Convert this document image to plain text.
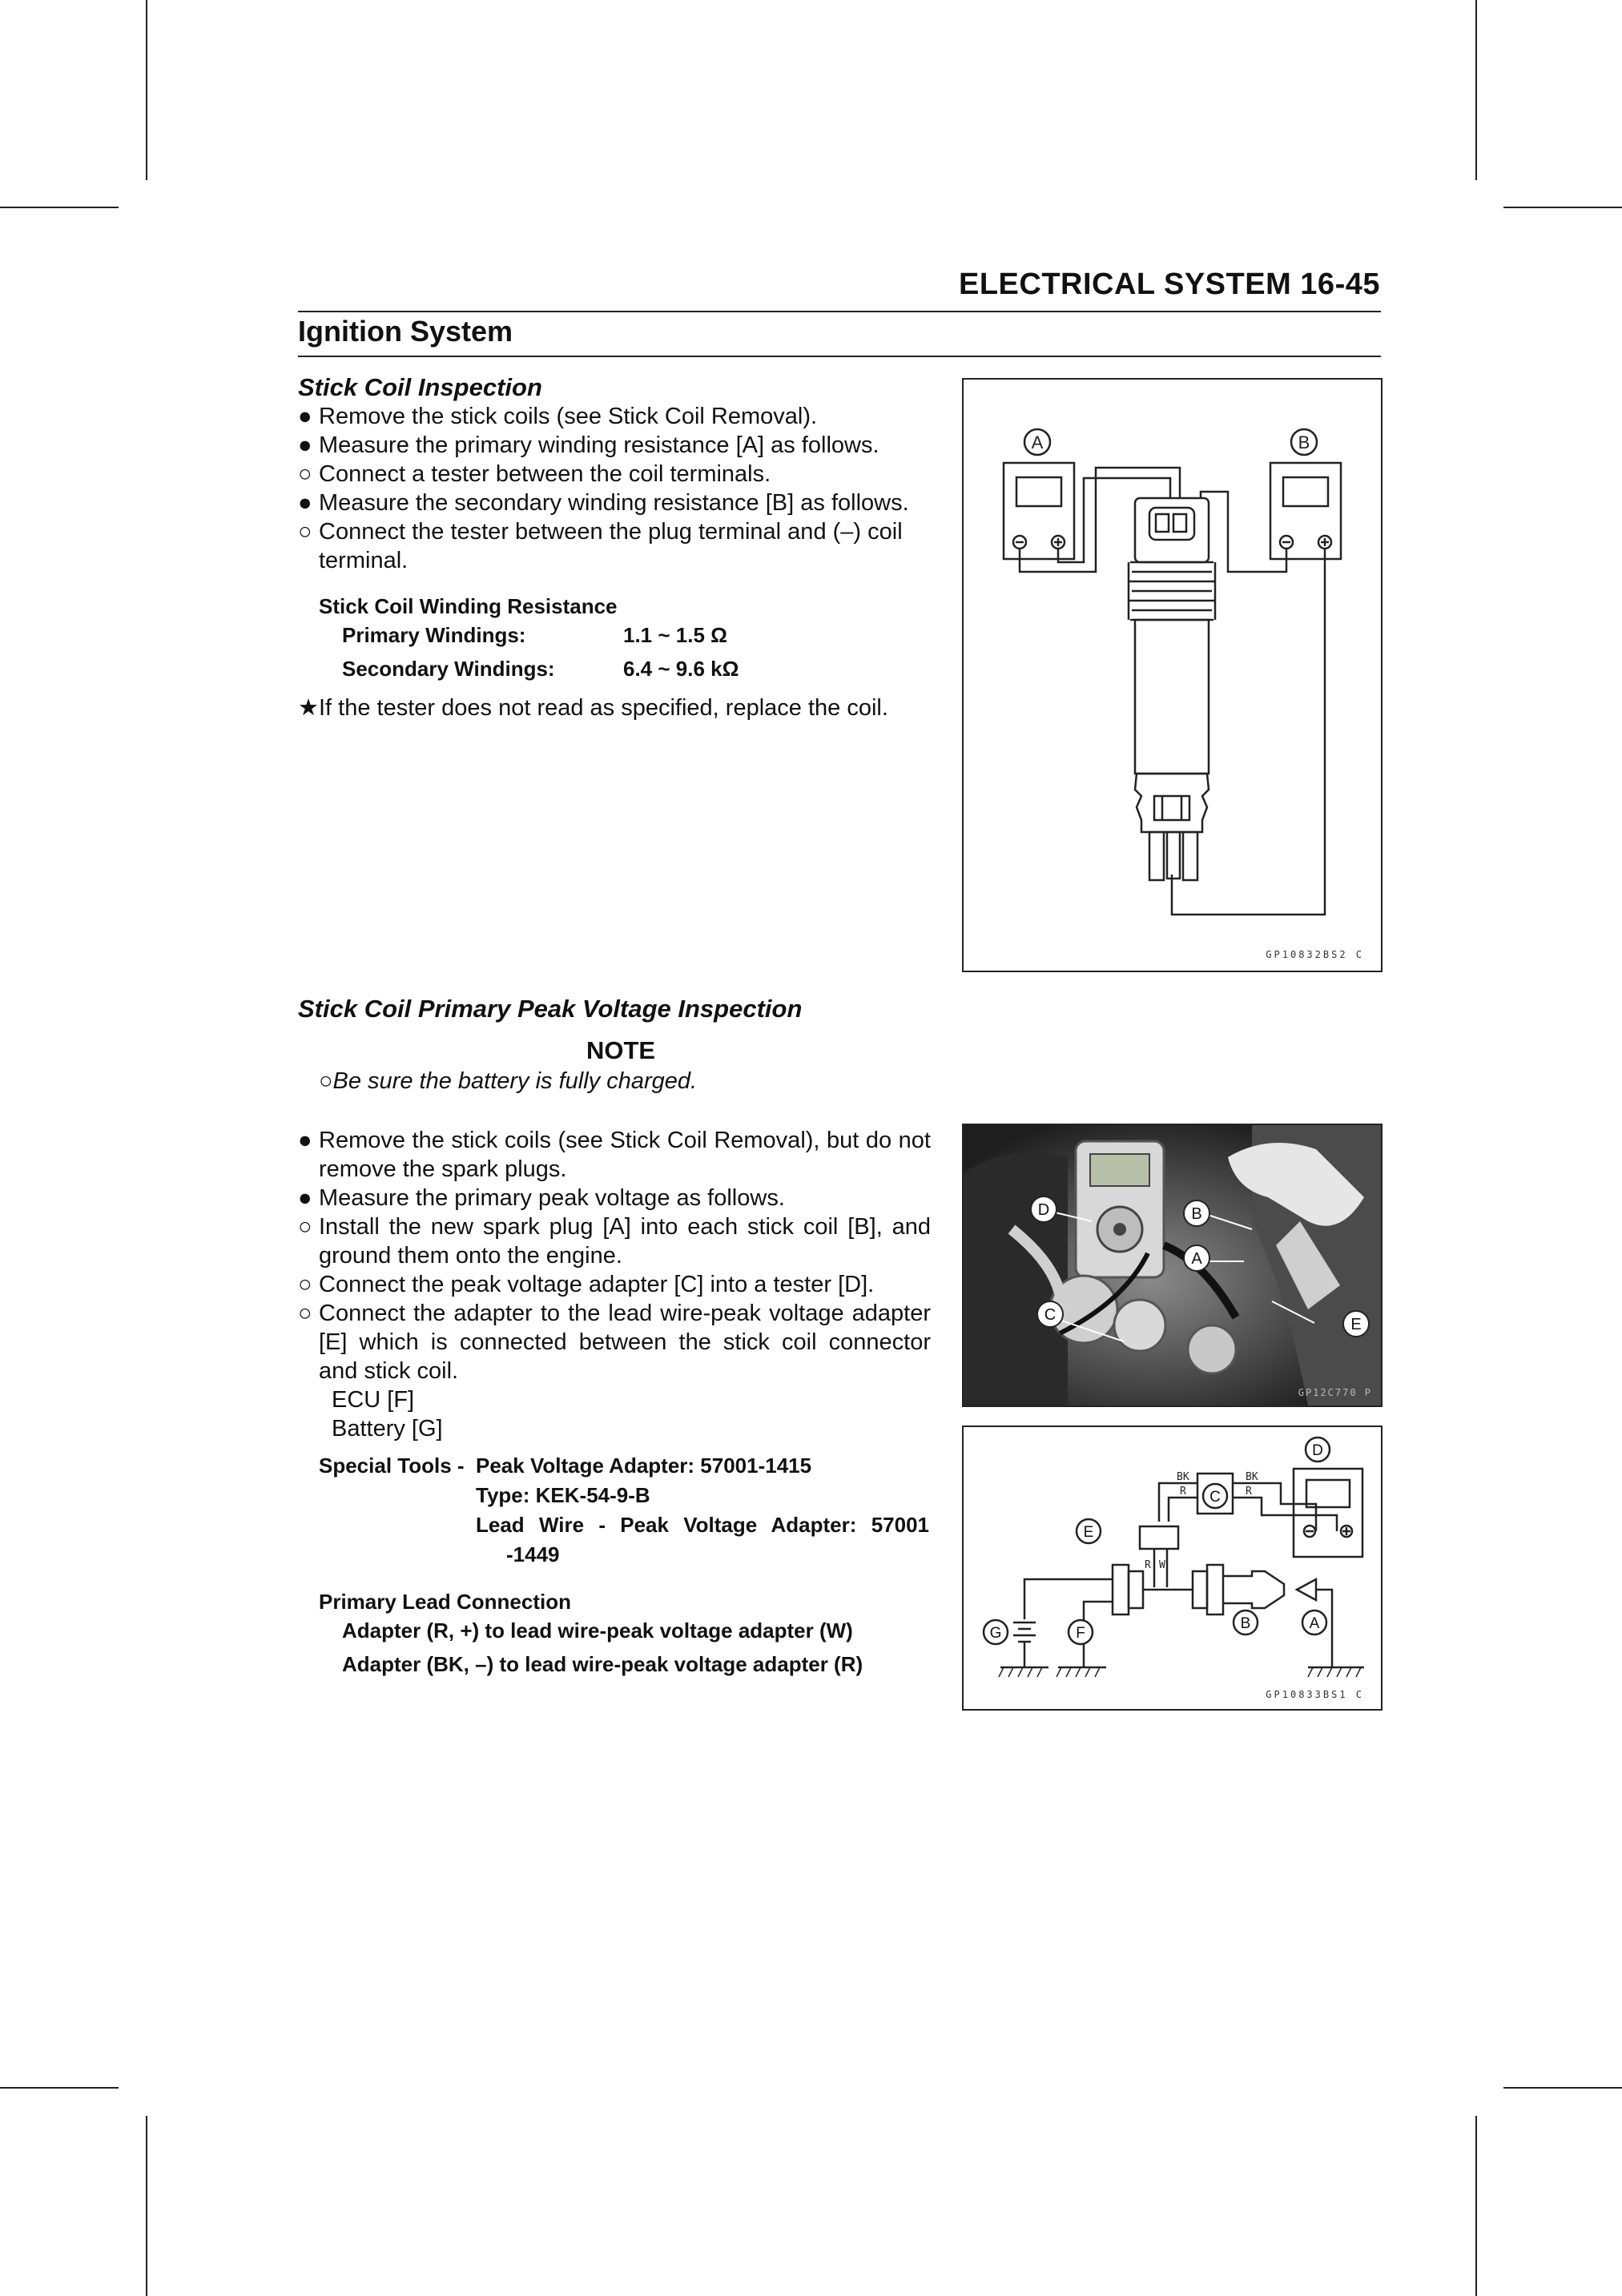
ELECTRICAL SYSTEM 16-45
Ignition System
Stick Coil Inspection
● Remove the stick coils (see Stick Coil Removal).
● Measure the primary winding resistance [A] as follows.
○ Connect a tester between the coil terminals.
● Measure the secondary winding resistance [B] as follows.
○ Connect the tester between the plug terminal and (–) coil terminal.
Stick Coil Winding Resistance
Primary Windings:	1.1 ~ 1.5 Ω
Secondary Windings:	6.4 ~ 9.6 kΩ
★ If the tester does not read as specified, replace the coil.
A	B
GP10832BS2 C
Stick Coil Primary Peak Voltage Inspection
NOTE
○Be sure the battery is fully charged.
● Remove the stick coils (see Stick Coil Removal), but do not remove the spark plugs.
● Measure the primary peak voltage as follows.
○ Install the new spark plug [A] into each stick coil [B], and ground them onto the engine.
○ Connect the peak voltage adapter [C] into a tester [D].
○ Connect the adapter to the lead wire-peak voltage adapter [E] which is connected between the stick coil connector and stick coil.
ECU [F]
Battery [G]
Special Tools - Peak Voltage Adapter: 57001-1415
Type: KEK-54-9-B
Lead Wire - Peak Voltage Adapter: 57001
-1449
Primary Lead Connection
Adapter (R, +) to lead wire-peak voltage adapter (W)
Adapter (BK, –) to lead wire-peak voltage adapter (R)
D	B
A
C
E
GP12C770 P
BK
R
BK
R
R W
D
C
E
B	A
F
G
GP10833BS1 C
